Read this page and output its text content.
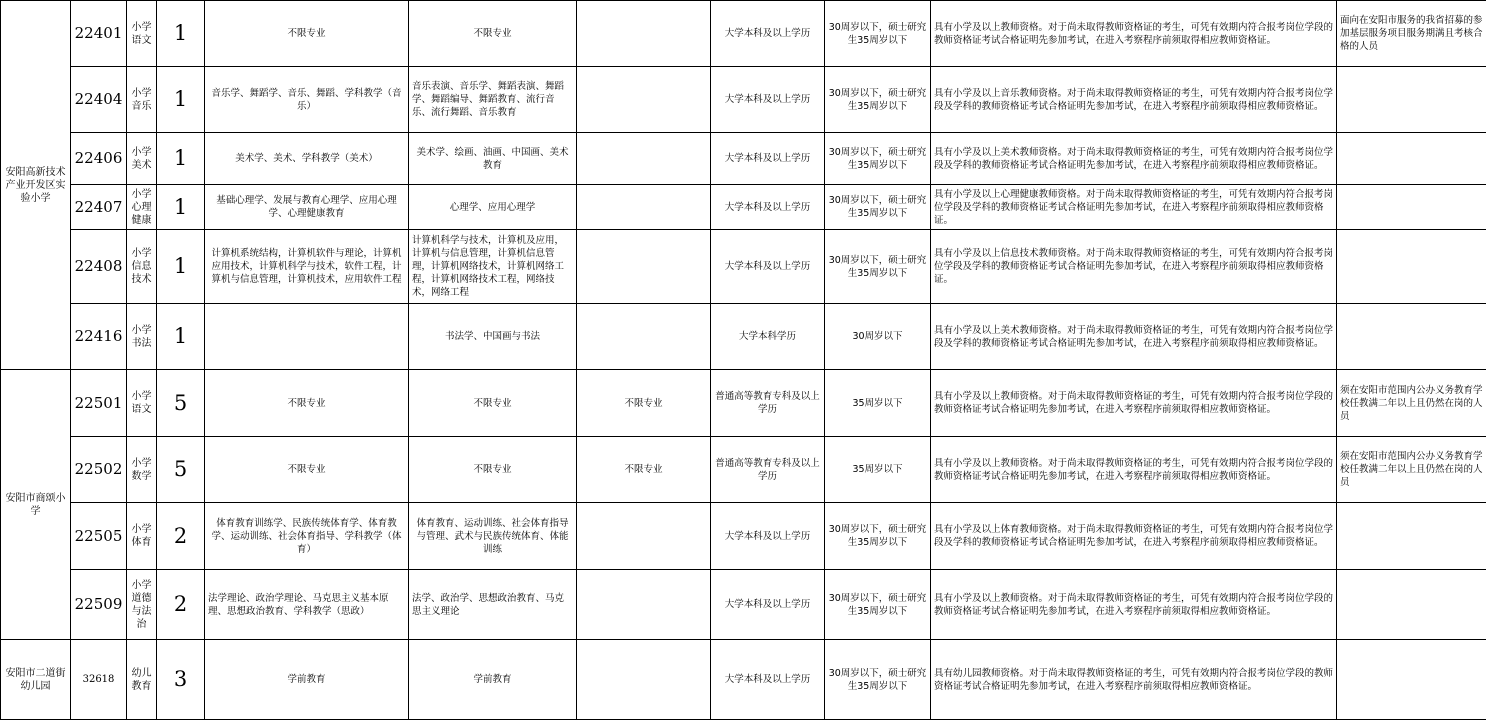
安阳高新技术产业开发区实验小学	22401	小学语文	1	不限专业	不限专业		大学本科及以上学历	30周岁以下，硕士研究生35周岁以下	具有小学及以上教师资格。对于尚未取得教师资格证的考生，可凭有效期内符合报考岗位学段的教师资格证考试合格证明先参加考试，在进入考察程序前须取得相应教师资格证。	面向在安阳市服务的我省招募的参加基层服务项目服务期满且考核合格的人员
	22404	小学音乐	1	音乐学、舞蹈学、音乐、舞蹈、学科教学（音乐）	音乐表演、音乐学、舞蹈表演、舞蹈学、舞蹈编导、舞蹈教育、流行音乐、流行舞蹈、音乐教育		大学本科及以上学历	30周岁以下，硕士研究生35周岁以下	具有小学及以上音乐教师资格。对于尚未取得教师资格证的考生，可凭有效期内符合报考岗位学段及学科的教师资格证考试合格证明先参加考试，在进入考察程序前须取得相应教师资格证。	
	22406	小学美术	1	美术学、美术、学科教学（美术）	美术学、绘画、油画、中国画、美术教育		大学本科及以上学历	30周岁以下，硕士研究生35周岁以下	具有小学及以上美术教师资格。对于尚未取得教师资格证的考生，可凭有效期内符合报考岗位学段及学科的教师资格证考试合格证明先参加考试，在进入考察程序前须取得相应教师资格证。	
	22407	小学心理健康	1	基础心理学、发展与教育心理学、应用心理学、心理健康教育	心理学、应用心理学		大学本科及以上学历	30周岁以下，硕士研究生35周岁以下	具有小学及以上心理健康教师资格。对于尚未取得教师资格证的考生，可凭有效期内符合报考岗位学段及学科的教师资格证考试合格证明先参加考试，在进入考察程序前须取得相应教师资格证。	
	22408	小学信息技术	1	计算机系统结构，计算机软件与理论，计算机应用技术，计算机科学与技术，软件工程，计算机与信息管理，计算机技术，应用软件工程	计算机科学与技术，计算机及应用，计算机与信息管理，计算机信息管理，计算机网络技术，计算机网络工程，计算机网络技术工程，网络技术，网络工程		大学本科及以上学历	30周岁以下，硕士研究生35周岁以下	具有小学及以上信息技术教师资格。对于尚未取得教师资格证的考生，可凭有效期内符合报考岗位学段及学科的教师资格证考试合格证明先参加考试，在进入考察程序前须取得相应教师资格证。	
	22416	小学书法	1		书法学、中国画与书法		大学本科学历	30周岁以下	具有小学及以上美术教师资格。对于尚未取得教师资格证的考生，可凭有效期内符合报考岗位学段及学科的教师资格证考试合格证明先参加考试，在进入考察程序前须取得相应教师资格证。	
安阳市商颂小学	22501	小学语文	5	不限专业	不限专业	不限专业	普通高等教育专科及以上学历	35周岁以下	具有小学及以上教师资格。对于尚未取得教师资格证的考生，可凭有效期内符合报考岗位学段的教师资格证考试合格证明先参加考试，在进入考察程序前须取得相应教师资格证。	须在安阳市范围内公办义务教育学校任教满二年以上且仍然在岗的人员
	22502	小学数学	5	不限专业	不限专业	不限专业	普通高等教育专科及以上学历	35周岁以下	具有小学及以上教师资格。对于尚未取得教师资格证的考生，可凭有效期内符合报考岗位学段的教师资格证考试合格证明先参加考试，在进入考察程序前须取得相应教师资格证。	须在安阳市范围内公办义务教育学校任教满二年以上且仍然在岗的人员
	22505	小学体育	2	体育教育训练学、民族传统体育学、体育教学、运动训练、社会体育指导、学科教学（体育）	体育教育、运动训练、社会体育指导与管理、武术与民族传统体育、体能训练		大学本科及以上学历	30周岁以下，硕士研究生35周岁以下	具有小学及以上体育教师资格。对于尚未取得教师资格证的考生，可凭有效期内符合报考岗位学段及学科的教师资格证考试合格证明先参加考试，在进入考察程序前须取得相应教师资格证。	
	22509	小学道德与法治	2	法学理论、政治学理论、马克思主义基本原理、思想政治教育、学科教学（思政）	法学、政治学、思想政治教育、马克思主义理论		大学本科及以上学历	30周岁以下，硕士研究生35周岁以下	具有小学及以上教师资格。对于尚未取得教师资格证的考生，可凭有效期内符合报考岗位学段的教师资格证考试合格证明先参加考试，在进入考察程序前须取得相应教师资格证。	
安阳市二道街幼儿园	32618	幼儿教育	3	学前教育	学前教育		大学本科及以上学历	30周岁以下，硕士研究生35周岁以下	具有幼儿园教师资格。对于尚未取得教师资格证的考生，可凭有效期内符合报考岗位学段的教师资格证考试合格证明先参加考试，在进入考察程序前须取得相应教师资格证。	
